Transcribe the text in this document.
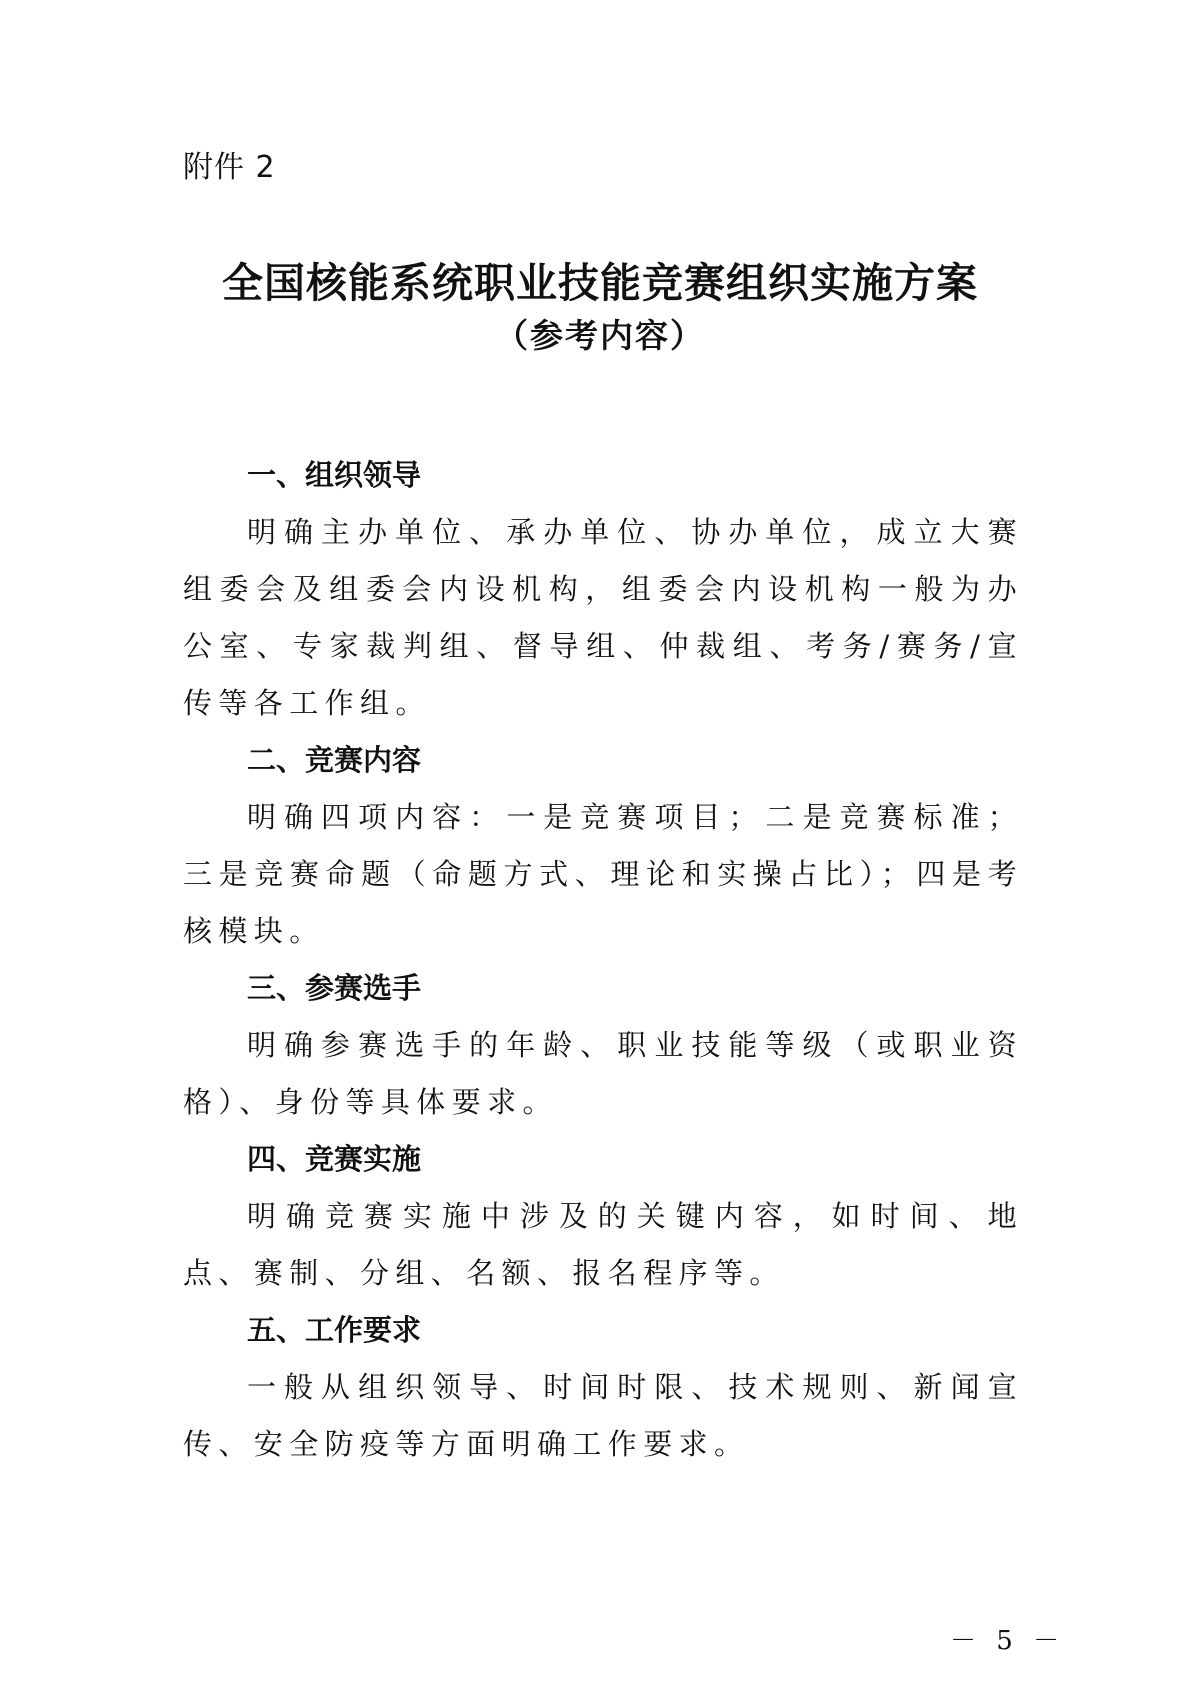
附件 2
全国核能系统职业技能竞赛组织实施方案
（参考内容）
一、组织领导

明确主办单位、承办单位、协办单位，成立大赛组委会及组委会内设机构，组委会内设机构一般为办公室、专家裁判组、督导组、仲裁组、考务/赛务/宣传等各工作组。

二、竞赛内容

明确四项内容：一是竞赛项目；二是竞赛标准；三是竞赛命题（命题方式、理论和实操占比）；四是考核模块。

三、参赛选手

明确参赛选手的年龄、职业技能等级（或职业资格）、身份等具体要求。

四、竞赛实施

明确竞赛实施中涉及的关键内容，如时间、地点、赛制、分组、名额、报名程序等。

五、工作要求

一般从组织领导、时间时限、技术规则、新闻宣传、安全防疫等方面明确工作要求。

－ 5 －
